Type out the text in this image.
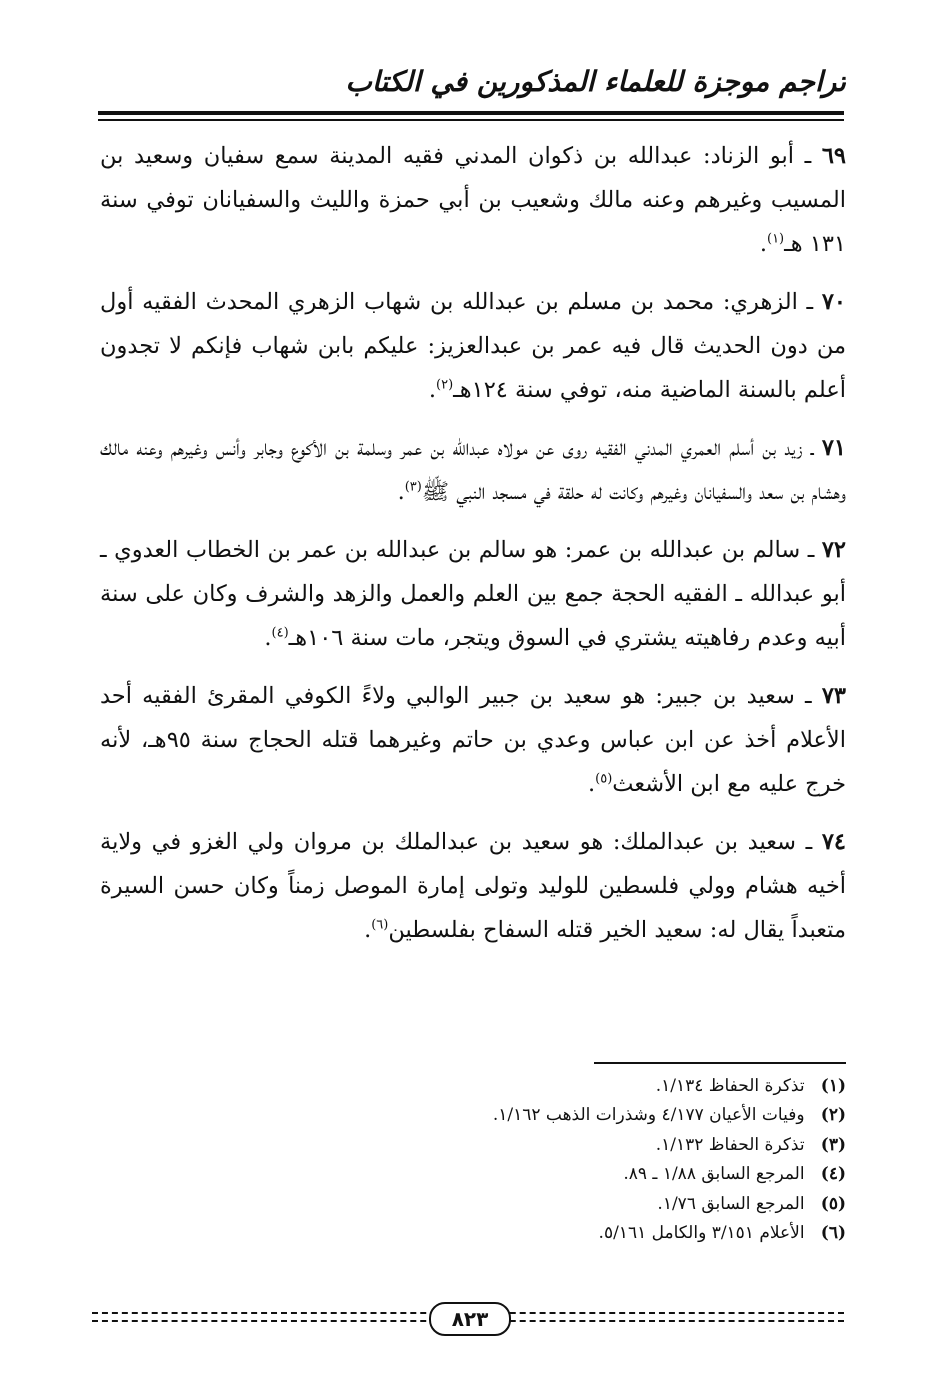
تراجم موجزة للعلماء المذكورين في الكتاب

٦٩ ـ أبو الزناد: عبدالله بن ذكوان المدني فقيه المدينة سمع سفيان وسعيد بن المسيب وغيرهم وعنه مالك وشعيب بن أبي حمزة والليث والسفيانان توفي سنة ١٣١ هـ$^{(١)}$.

٧٠ ـ الزهري: محمد بن مسلم بن عبدالله بن شهاب الزهري المحدث الفقيه أول من دون الحديث قال فيه عمر بن عبدالعزيز: عليكم بابن شهاب فإنكم لا تجدون أعلم بالسنة الماضية منه، توفي سنة ١٢٤هـ$^{(٢)}$.

٧١ ـ زيد بن أسلم العمري المدني الفقيه روى عن مولاه عبدالله بن عمر وسلمة بن الأكوع وجابر وأنس وغيرهم وعنه مالك وهشام بن سعد والسفيانان وغيرهم وكانت له حلقة في مسجد النبي ﷺ$^{(٣)}$.

٧٢ ـ سالم بن عبدالله بن عمر: هو سالم بن عبدالله بن عمر بن الخطاب العدوي ـ أبو عبدالله ـ الفقيه الحجة جمع بين العلم والعمل والزهد والشرف وكان على سنة أبيه وعدم رفاهيته يشتري في السوق ويتجر، مات سنة ١٠٦هـ$^{(٤)}$.

٧٣ ـ سعيد بن جبير: هو سعيد بن جبير الوالبي ولاءً الكوفي المقرئ الفقيه أحد الأعلام أخذ عن ابن عباس وعدي بن حاتم وغيرهما قتله الحجاج سنة ٩٥هـ، لأنه خرج عليه مع ابن الأشعث$^{(٥)}$.

٧٤ ـ سعيد بن عبدالملك: هو سعيد بن عبدالملك بن مروان ولي الغزو في ولاية أخيه هشام وولي فلسطين للوليد وتولى إمارة الموصل زمناً وكان حسن السيرة متعبداً يقال له: سعيد الخير قتله السفاح بفلسطين$^{(٦)}$.

(١) تذكرة الحفاظ ١/١٣٤.
(٢) وفيات الأعيان ٤/١٧٧ وشذرات الذهب ١/١٦٢.
(٣) تذكرة الحفاظ ١/١٣٢.
(٤) المرجع السابق ١/٨٨ ـ ٨٩.
(٥) المرجع السابق ١/٧٦.
(٦) الأعلام ٣/١٥١ والكامل ٥/١٦١.
٨٢٣
